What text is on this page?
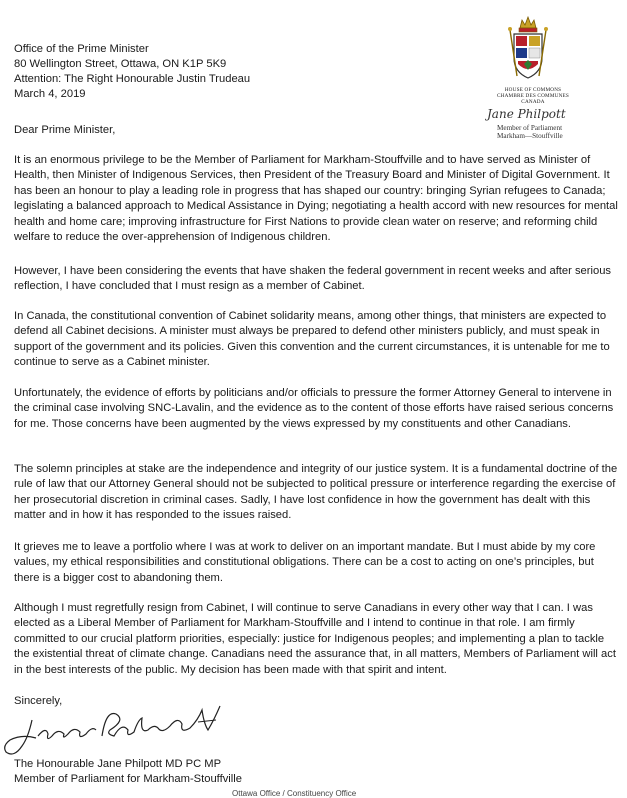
Office of the Prime Minister
80 Wellington Street, Ottawa, ON K1P 5K9
Attention: The Right Honourable Justin Trudeau
March 4, 2019	HOUSE OF COMMONS
CHAMBRE DES COMMUNES
CANADA
Jane Philpott
Member of Parliament
Markham—Stouffville
Dear Prime Minister,

It is an enormous privilege to be the Member of Parliament for Markham-Stouffville and to have served as Minister of Health, then Minister of Indigenous Services, then President of the Treasury Board and Minister of Digital Government. It has been an honour to play a leading role in progress that has shaped our country: bringing Syrian refugees to Canada; legislating a balanced approach to Medical Assistance in Dying; negotiating a health accord with new resources for mental health and home care; improving infrastructure for First Nations to provide clean water on reserve; and reforming child welfare to reduce the over-apprehension of Indigenous children.

However, I have been considering the events that have shaken the federal government in recent weeks and after serious reflection, I have concluded that I must resign as a member of Cabinet.

In Canada, the constitutional convention of Cabinet solidarity means, among other things, that ministers are expected to defend all Cabinet decisions. A minister must always be prepared to defend other ministers publicly, and must speak in support of the government and its policies. Given this convention and the current circumstances, it is untenable for me to continue to serve as a Cabinet minister.

Unfortunately, the evidence of efforts by politicians and/or officials to pressure the former Attorney General to intervene in the criminal case involving SNC-Lavalin, and the evidence as to the content of those efforts have raised serious concerns for me. Those concerns have been augmented by the views expressed by my constituents and other Canadians.

The solemn principles at stake are the independence and integrity of our justice system. It is a fundamental doctrine of the rule of law that our Attorney General should not be subjected to political pressure or interference regarding the exercise of her prosecutorial discretion in criminal cases. Sadly, I have lost confidence in how the government has dealt with this matter and in how it has responded to the issues raised.

It grieves me to leave a portfolio where I was at work to deliver on an important mandate. But I must abide by my core values, my ethical responsibilities and constitutional obligations. There can be a cost to acting on one’s principles, but there is a bigger cost to abandoning them.

Although I must regretfully resign from Cabinet, I will continue to serve Canadians in every other way that I can. I was elected as a Liberal Member of Parliament for Markham-Stouffville and I intend to continue in that role. I am firmly committed to our crucial platform priorities, especially: justice for Indigenous peoples; and implementing a plan to tackle the existential threat of climate change. Canadians need the assurance that, in all matters, Members of Parliament will act in the best interests of the public. My decision has been made with that spirit and intent.

Sincerely,
The Honourable Jane Philpott MD PC MP
Member of Parliament for Markham-Stouffville
Ottawa Office / Constituency Office
